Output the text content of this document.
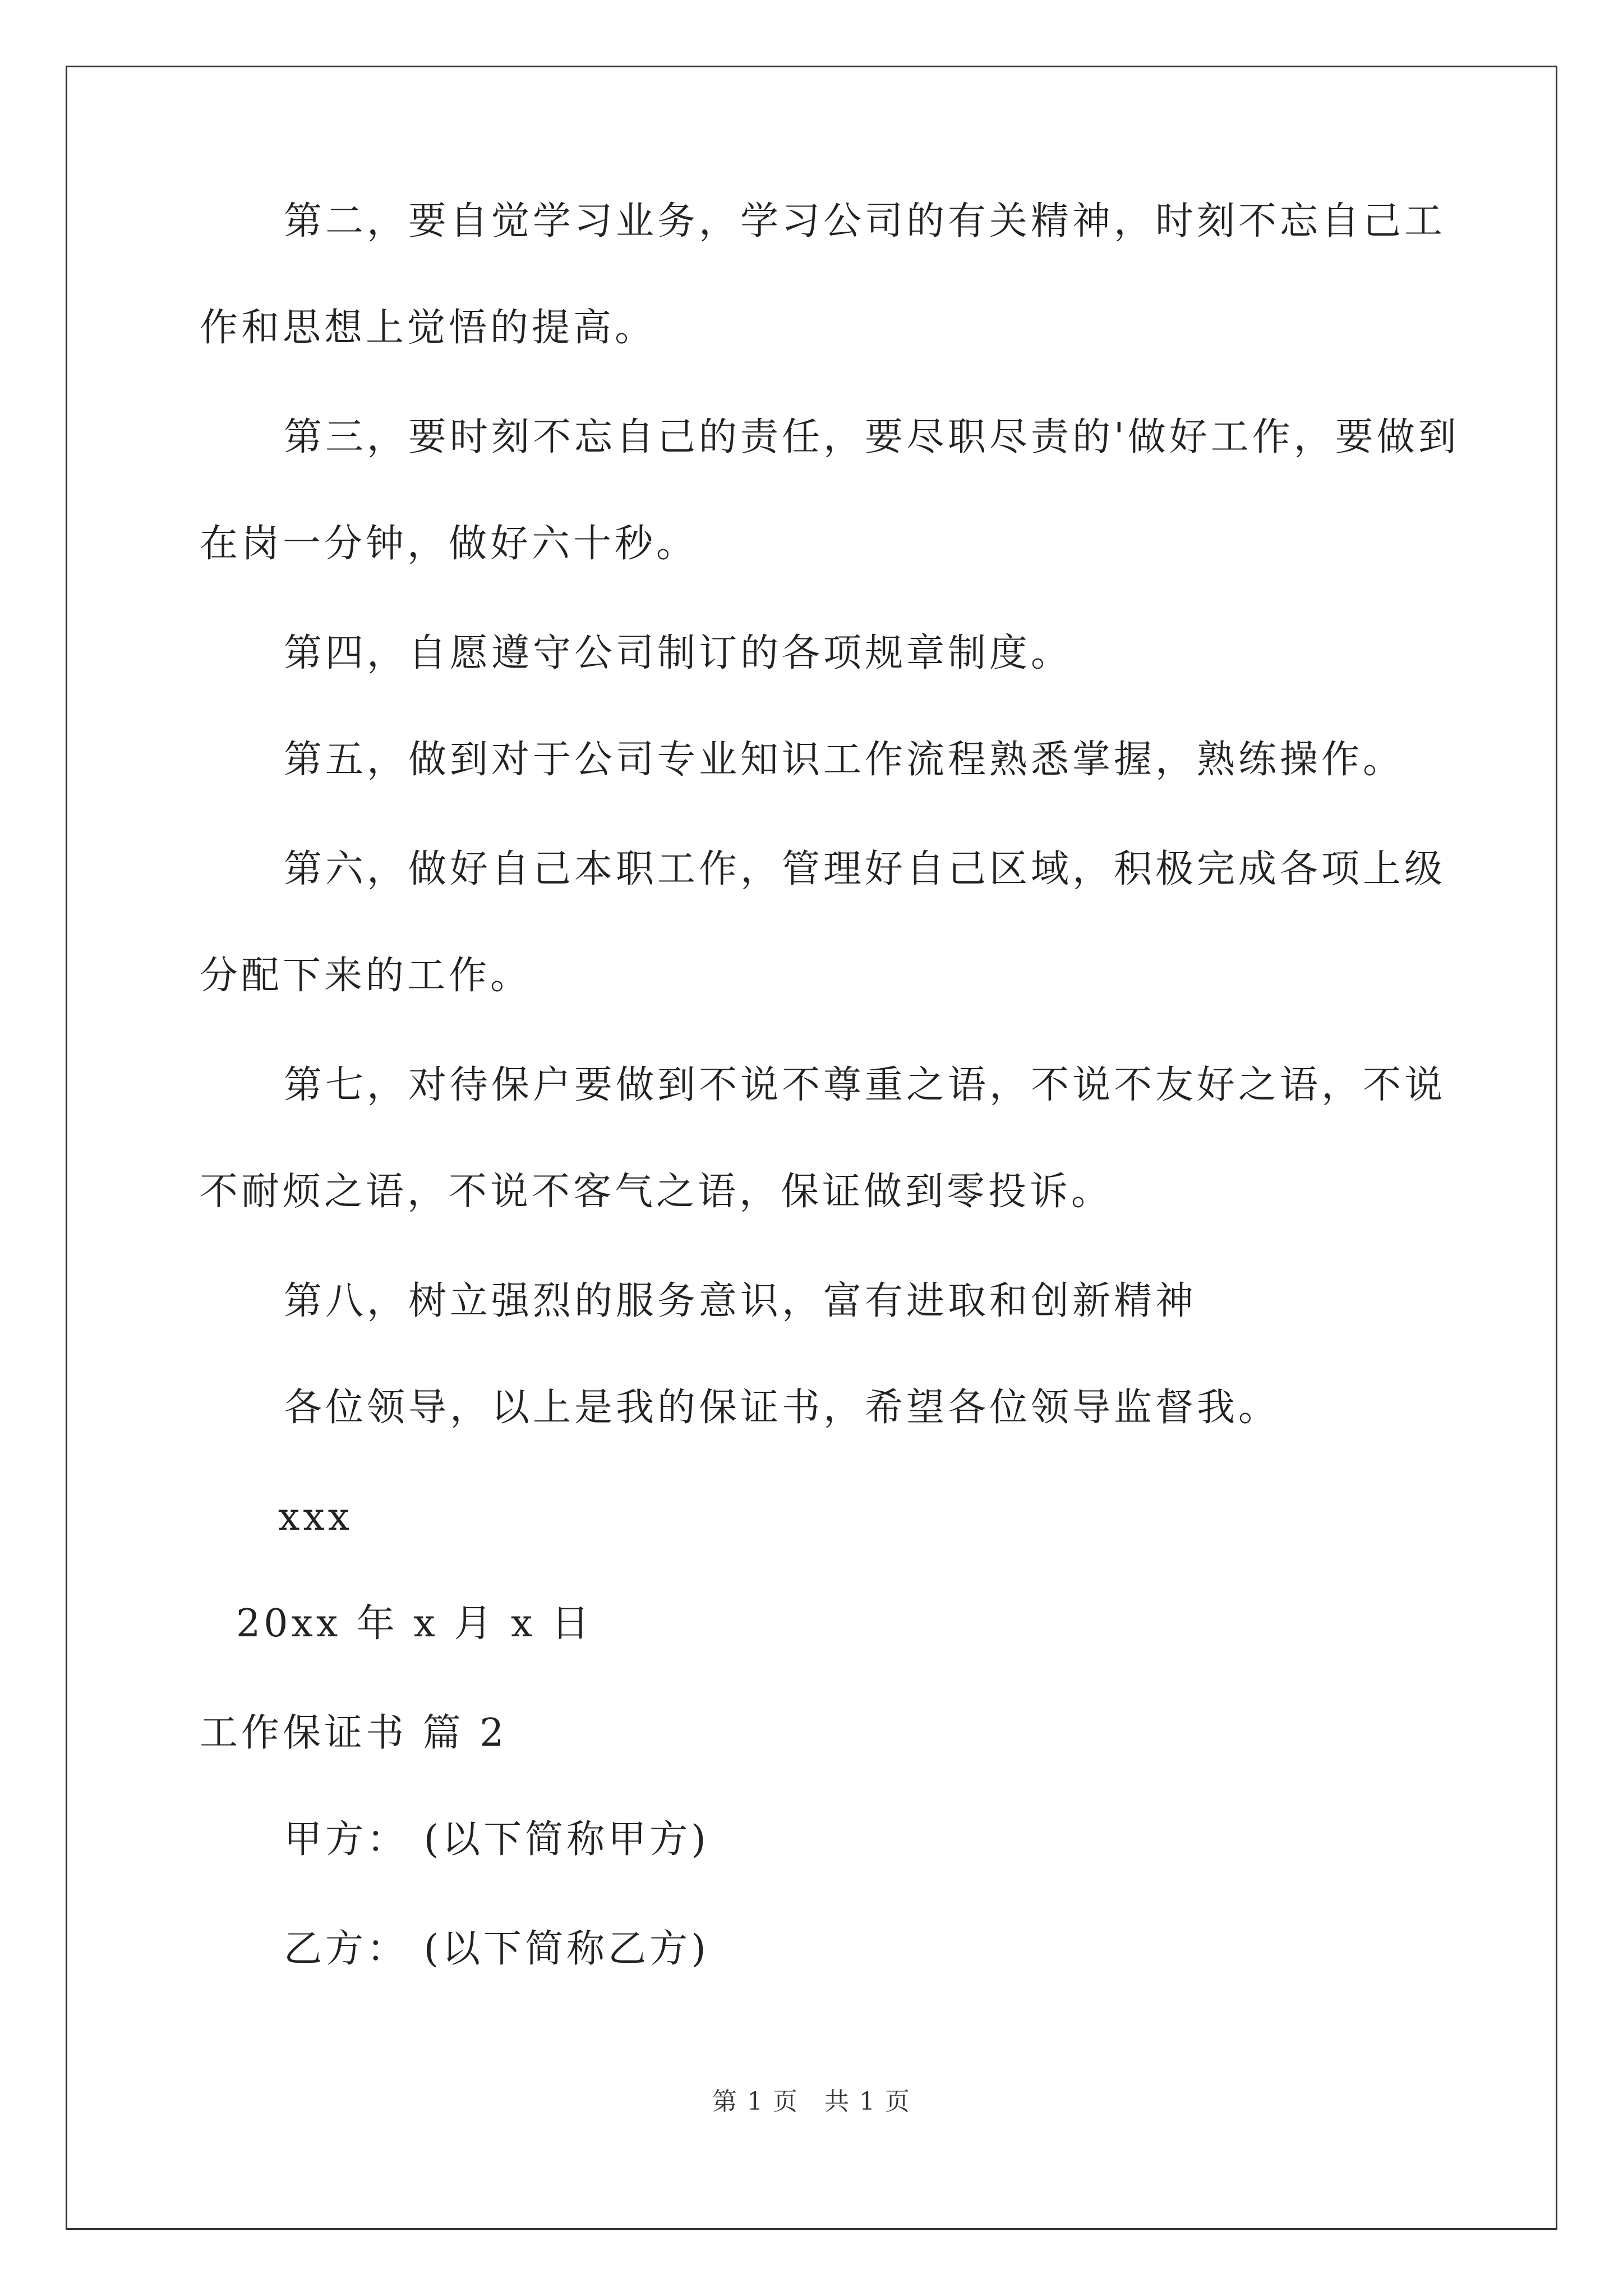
第二，要自觉学习业务，学习公司的有关精神，时刻不忘自己工
作和思想上觉悟的提高。
第三，要时刻不忘自己的责任，要尽职尽责的'做好工作，要做到
在岗一分钟，做好六十秒。
第四，自愿遵守公司制订的各项规章制度。
第五，做到对于公司专业知识工作流程熟悉掌握，熟练操作。
第六，做好自己本职工作，管理好自己区域，积极完成各项上级
分配下来的工作。
第七，对待保户要做到不说不尊重之语，不说不友好之语，不说
不耐烦之语，不说不客气之语，保证做到零投诉。
第八，树立强烈的服务意识，富有进取和创新精神
各位领导，以上是我的保证书，希望各位领导监督我。
xxx
20xx 年 x 月 x 日
工作保证书 篇 2
甲方： (以下简称甲方)
乙方： (以下简称乙方)
第 1 页　共 1 页
